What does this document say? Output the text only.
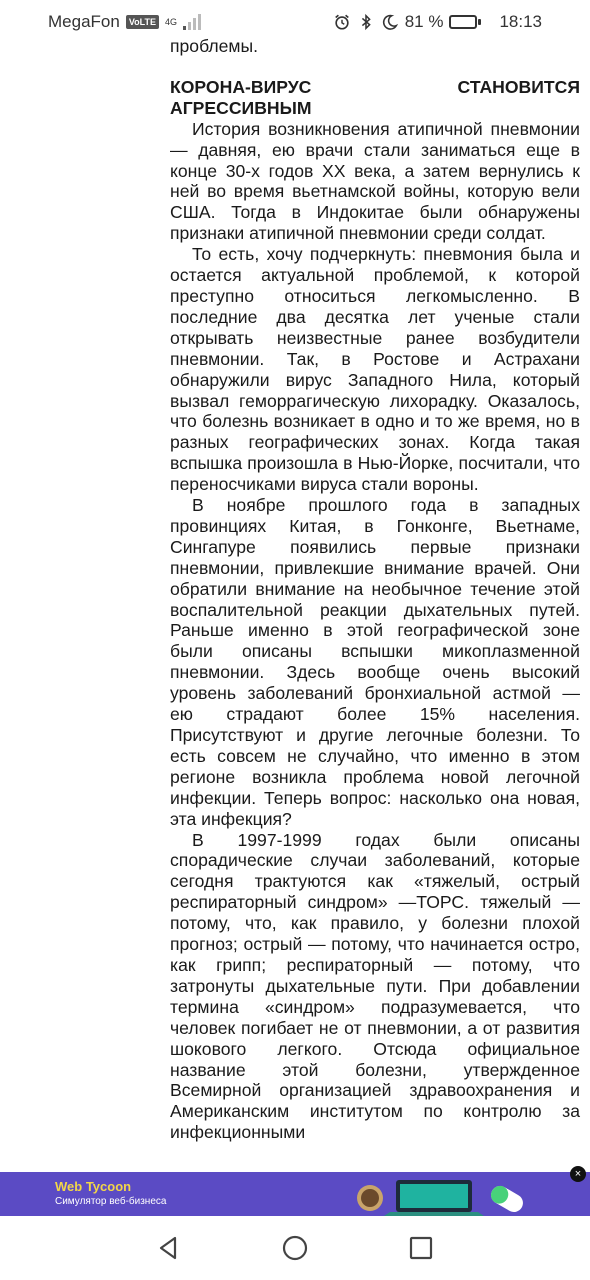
MegaFon	VoLTE	4G	81 %	18:13

проблемы.

КОРОНА-ВИРУС	СТАНОВИТСЯ
АГРЕССИВНЫМ

История возникновения атипичной пневмонии — давняя, ею врачи стали заниматься еще в конце 30-х годов XX века, а затем вернулись к ней во время вьетнамской войны, которую вели США. Тогда в Индокитае были обнаружены признаки атипичной пневмонии среди солдат.

То есть, хочу подчеркнуть: пневмония была и остается актуальной проблемой, к которой преступно относиться легкомысленно. В последние два десятка лет ученые стали открывать неизвестные ранее возбудители пневмонии. Так, в Ростове и Астрахани обнаружили вирус Западного Нила, который вызвал геморрагическую лихорадку. Оказалось, что болезнь возникает в одно и то же время, но в разных географических зонах. Когда такая вспышка произошла в Нью-Йорке, посчитали, что переносчиками вируса стали вороны.

В ноябре прошлого года в западных провинциях Китая, в Гонконге, Вьетнаме, Сингапуре появились первые признаки пневмонии, привлекшие внимание врачей. Они обратили внимание на необычное течение этой воспалительной реакции дыхательных путей. Раньше именно в этой географической зоне были описаны вспышки микоплазменной пневмонии. Здесь вообще очень высокий уровень заболеваний бронхиальной астмой — ею страдают более 15% населения. Присутствуют и другие легочные болезни. То есть совсем не случайно, что именно в этом регионе возникла проблема новой легочной инфекции. Теперь вопрос: насколько она новая, эта инфекция?

В 1997-1999 годах были описаны спорадические случаи заболеваний, которые сегодня трактуются как «тяжелый, острый респираторный синдром» —ТОРС. тяжелый — потому, что, как правило, у болезни плохой прогноз; острый — потому, что начинается остро, как грипп; респираторный — потому, что затронуты дыхательные пути. При добавлении термина «синдром» подразумевается, что человек погибает не от пневмонии, а от развития шокового легкого. Отсюда официальное название этой болезни, утвержденное Всемирной организацией здравоохранения и Американским институтом по контролю за инфекционными

Web Tycoon
Симулятор веб-бизнеса
×
